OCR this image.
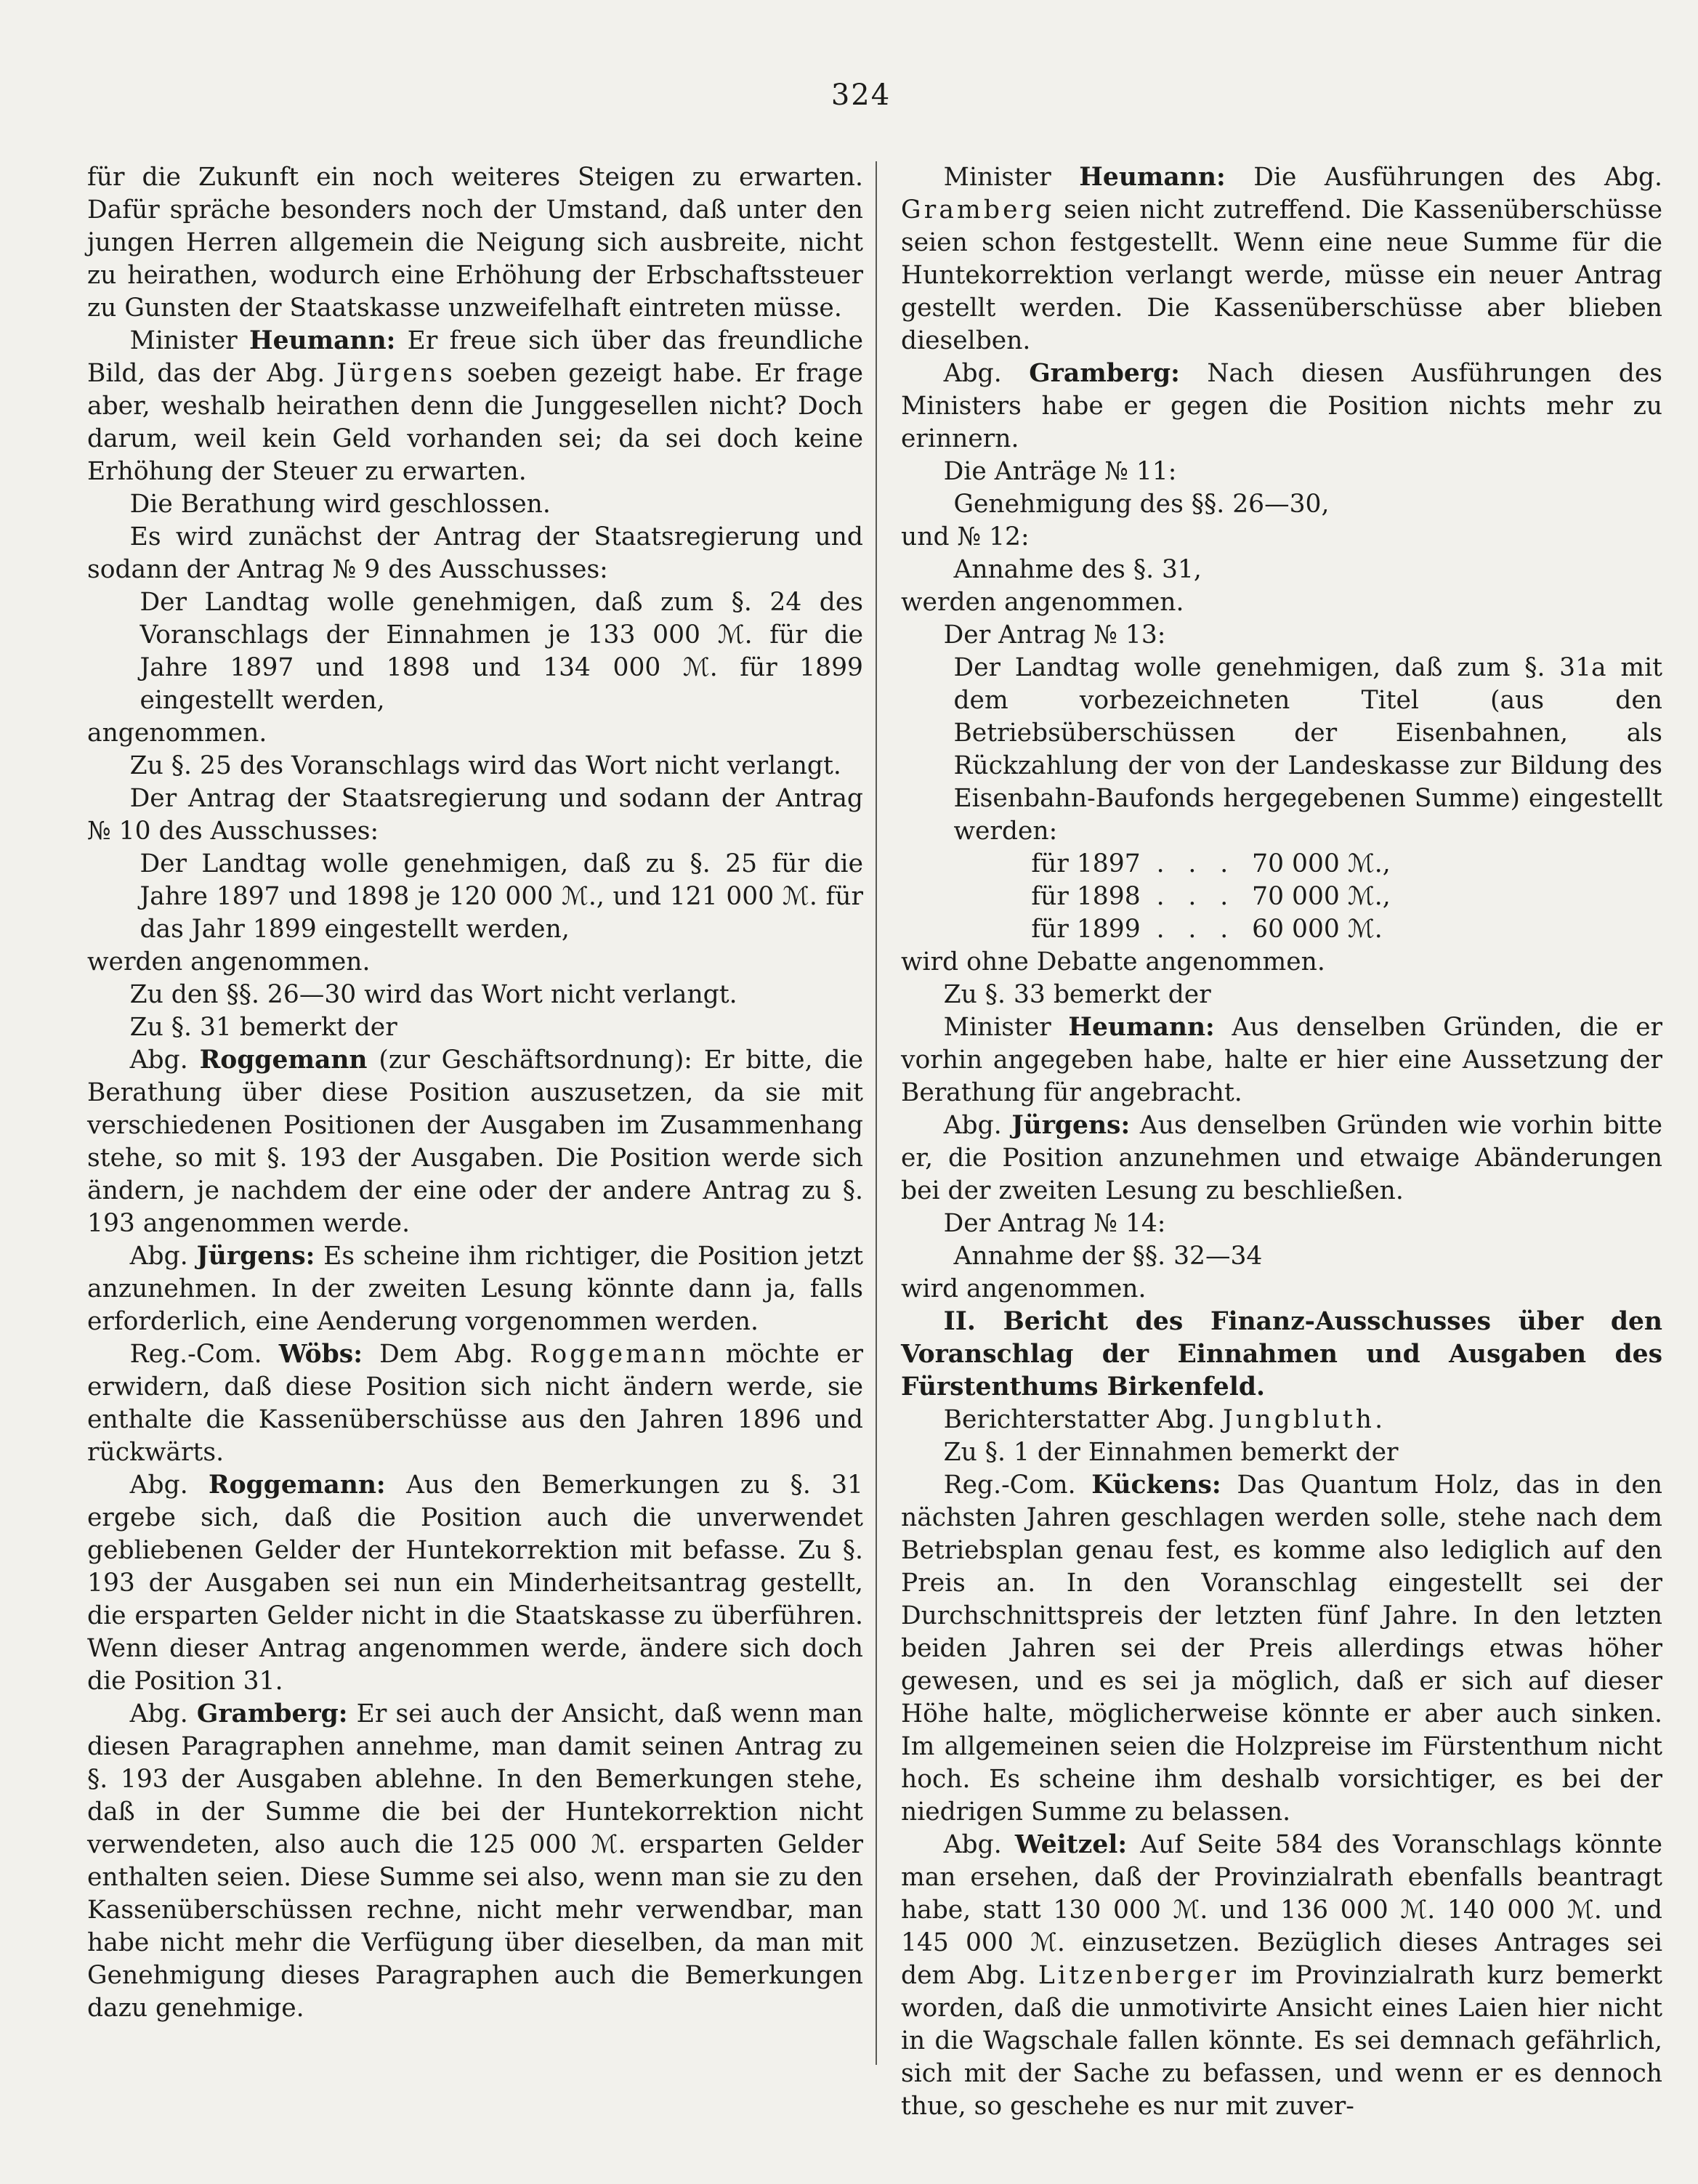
324

für die Zukunft ein noch weiteres Steigen zu erwarten. Dafür spräche besonders noch der Umstand, daß unter den jungen Herren allgemein die Neigung sich ausbreite, nicht zu heirathen, wodurch eine Erhöhung der Erbschaftssteuer zu Gunsten der Staatskasse unzweifelhaft eintreten müsse.

Minister Heumann: Er freue sich über das freundliche Bild, das der Abg. Jürgens soeben gezeigt habe. Er frage aber, weshalb heirathen denn die Junggesellen nicht? Doch darum, weil kein Geld vorhanden sei; da sei doch keine Erhöhung der Steuer zu erwarten.

Die Berathung wird geschlossen.

Es wird zunächst der Antrag der Staatsregierung und sodann der Antrag № 9 des Ausschusses:

Der Landtag wolle genehmigen, daß zum §. 24 des Voranschlags der Einnahmen je 133 000 ℳ. für die Jahre 1897 und 1898 und 134 000 ℳ. für 1899 eingestellt werden,

angenommen.

Zu §. 25 des Voranschlags wird das Wort nicht verlangt.

Der Antrag der Staatsregierung und sodann der Antrag № 10 des Ausschusses:

Der Landtag wolle genehmigen, daß zu §. 25 für die Jahre 1897 und 1898 je 120 000 ℳ., und 121 000 ℳ. für das Jahr 1899 eingestellt werden,

werden angenommen.

Zu den §§. 26—30 wird das Wort nicht verlangt.

Zu §. 31 bemerkt der

Abg. Roggemann (zur Geschäftsordnung): Er bitte, die Berathung über diese Position auszusetzen, da sie mit verschiedenen Positionen der Ausgaben im Zusammenhang stehe, so mit §. 193 der Ausgaben. Die Position werde sich ändern, je nachdem der eine oder der andere Antrag zu §. 193 angenommen werde.

Abg. Jürgens: Es scheine ihm richtiger, die Position jetzt anzunehmen. In der zweiten Lesung könnte dann ja, falls erforderlich, eine Aenderung vorgenommen werden.

Reg.-Com. Wöbs: Dem Abg. Roggemann möchte er erwidern, daß diese Position sich nicht ändern werde, sie enthalte die Kassenüberschüsse aus den Jahren 1896 und rückwärts.

Abg. Roggemann: Aus den Bemerkungen zu §. 31 ergebe sich, daß die Position auch die unverwendet gebliebenen Gelder der Huntekorrektion mit befasse. Zu §. 193 der Ausgaben sei nun ein Minderheitsantrag gestellt, die ersparten Gelder nicht in die Staatskasse zu überführen. Wenn dieser Antrag angenommen werde, ändere sich doch die Position 31.

Abg. Gramberg: Er sei auch der Ansicht, daß wenn man diesen Paragraphen annehme, man damit seinen Antrag zu §. 193 der Ausgaben ablehne. In den Bemerkungen stehe, daß in der Summe die bei der Huntekorrektion nicht verwendeten, also auch die 125 000 ℳ. ersparten Gelder enthalten seien. Diese Summe sei also, wenn man sie zu den Kassenüberschüssen rechne, nicht mehr verwendbar, man habe nicht mehr die Verfügung über dieselben, da man mit Genehmigung dieses Paragraphen auch die Bemerkungen dazu genehmige.

Minister Heumann: Die Ausführungen des Abg. Gramberg seien nicht zutreffend. Die Kassenüberschüsse seien schon festgestellt. Wenn eine neue Summe für die Huntekorrektion verlangt werde, müsse ein neuer Antrag gestellt werden. Die Kassenüberschüsse aber blieben dieselben.

Abg. Gramberg: Nach diesen Ausführungen des Ministers habe er gegen die Position nichts mehr zu erinnern.

Die Anträge № 11:

Genehmigung des §§. 26—30,

und № 12:

Annahme des §. 31,

werden angenommen.

Der Antrag № 13:

Der Landtag wolle genehmigen, daß zum §. 31a mit dem vorbezeichneten Titel (aus den Betriebsüberschüssen der Eisenbahnen, als Rückzahlung der von der Landeskasse zur Bildung des Eisenbahn-Baufonds hergegebenen Summe) eingestellt werden:

für 1897  .   .   .   70 000 ℳ.,

für 1898  .   .   .   70 000 ℳ.,

für 1899  .   .   .   60 000 ℳ.

wird ohne Debatte angenommen.

Zu §. 33 bemerkt der

Minister Heumann: Aus denselben Gründen, die er vorhin angegeben habe, halte er hier eine Aussetzung der Berathung für angebracht.

Abg. Jürgens: Aus denselben Gründen wie vorhin bitte er, die Position anzunehmen und etwaige Abänderungen bei der zweiten Lesung zu beschließen.

Der Antrag № 14:

Annahme der §§. 32—34

wird angenommen.

II. Bericht des Finanz-Ausschusses über den Voranschlag der Einnahmen und Ausgaben des Fürstenthums Birkenfeld.

Berichterstatter Abg. Jungbluth.

Zu §. 1 der Einnahmen bemerkt der

Reg.-Com. Kückens: Das Quantum Holz, das in den nächsten Jahren geschlagen werden solle, stehe nach dem Betriebsplan genau fest, es komme also lediglich auf den Preis an. In den Voranschlag eingestellt sei der Durchschnittspreis der letzten fünf Jahre. In den letzten beiden Jahren sei der Preis allerdings etwas höher gewesen, und es sei ja möglich, daß er sich auf dieser Höhe halte, möglicherweise könnte er aber auch sinken. Im allgemeinen seien die Holzpreise im Fürstenthum nicht hoch. Es scheine ihm deshalb vorsichtiger, es bei der niedrigen Summe zu belassen.

Abg. Weitzel: Auf Seite 584 des Voranschlags könnte man ersehen, daß der Provinzialrath ebenfalls beantragt habe, statt 130 000 ℳ. und 136 000 ℳ. 140 000 ℳ. und 145 000 ℳ. einzusetzen. Bezüglich dieses Antrages sei dem Abg. Litzenberger im Provinzialrath kurz bemerkt worden, daß die unmotivirte Ansicht eines Laien hier nicht in die Wagschale fallen könnte. Es sei demnach gefährlich, sich mit der Sache zu befassen, und wenn er es dennoch thue, so geschehe es nur mit zuver-
